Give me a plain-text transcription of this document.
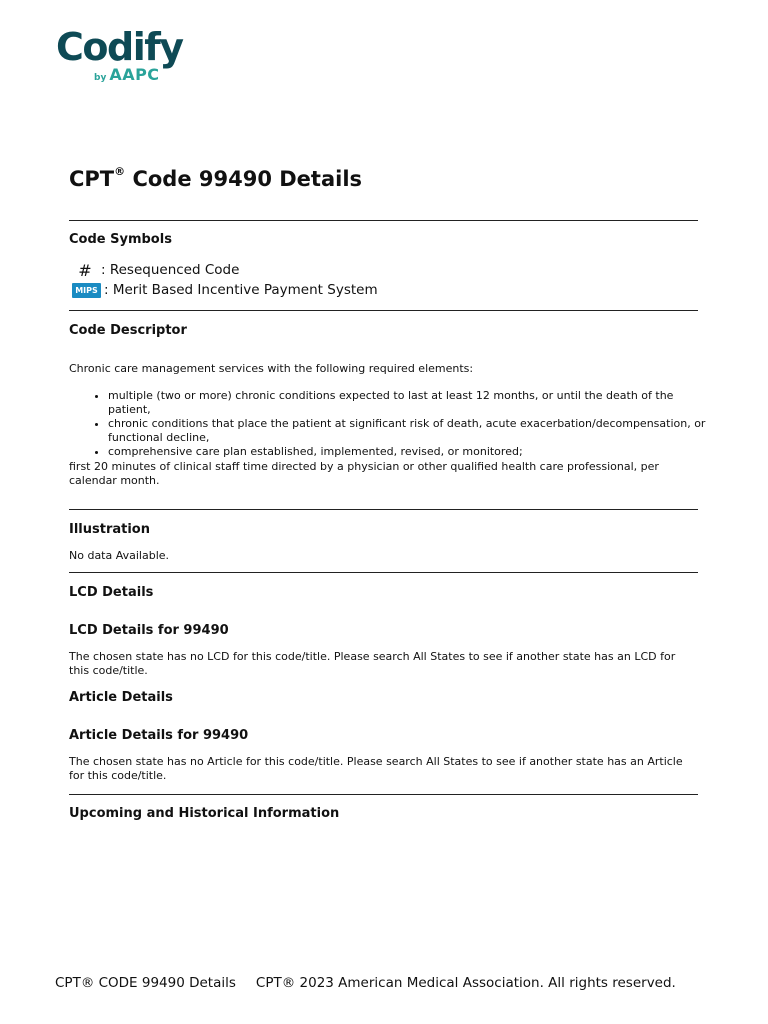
Codify
by AAPC
CPT® Code 99490 Details
Code Symbols
# : Resequenced Code
MIPS : Merit Based Incentive Payment System
Code Descriptor
Chronic care management services with the following required elements:
• multiple (two or more) chronic conditions expected to last at least 12 months, or until the death of the patient,
• chronic conditions that place the patient at significant risk of death, acute exacerbation/decompensation, or functional decline,
• comprehensive care plan established, implemented, revised, or monitored;
first 20 minutes of clinical staff time directed by a physician or other qualified health care professional, per calendar month.
Illustration
No data Available.
LCD Details
LCD Details for 99490
The chosen state has no LCD for this code/title. Please search All States to see if another state has an LCD for this code/title.
Article Details
Article Details for 99490
The chosen state has no Article for this code/title. Please search All States to see if another state has an Article for this code/title.
Upcoming and Historical Information
CPT® CODE 99490 Details CPT® 2023 American Medical Association. All rights reserved.
